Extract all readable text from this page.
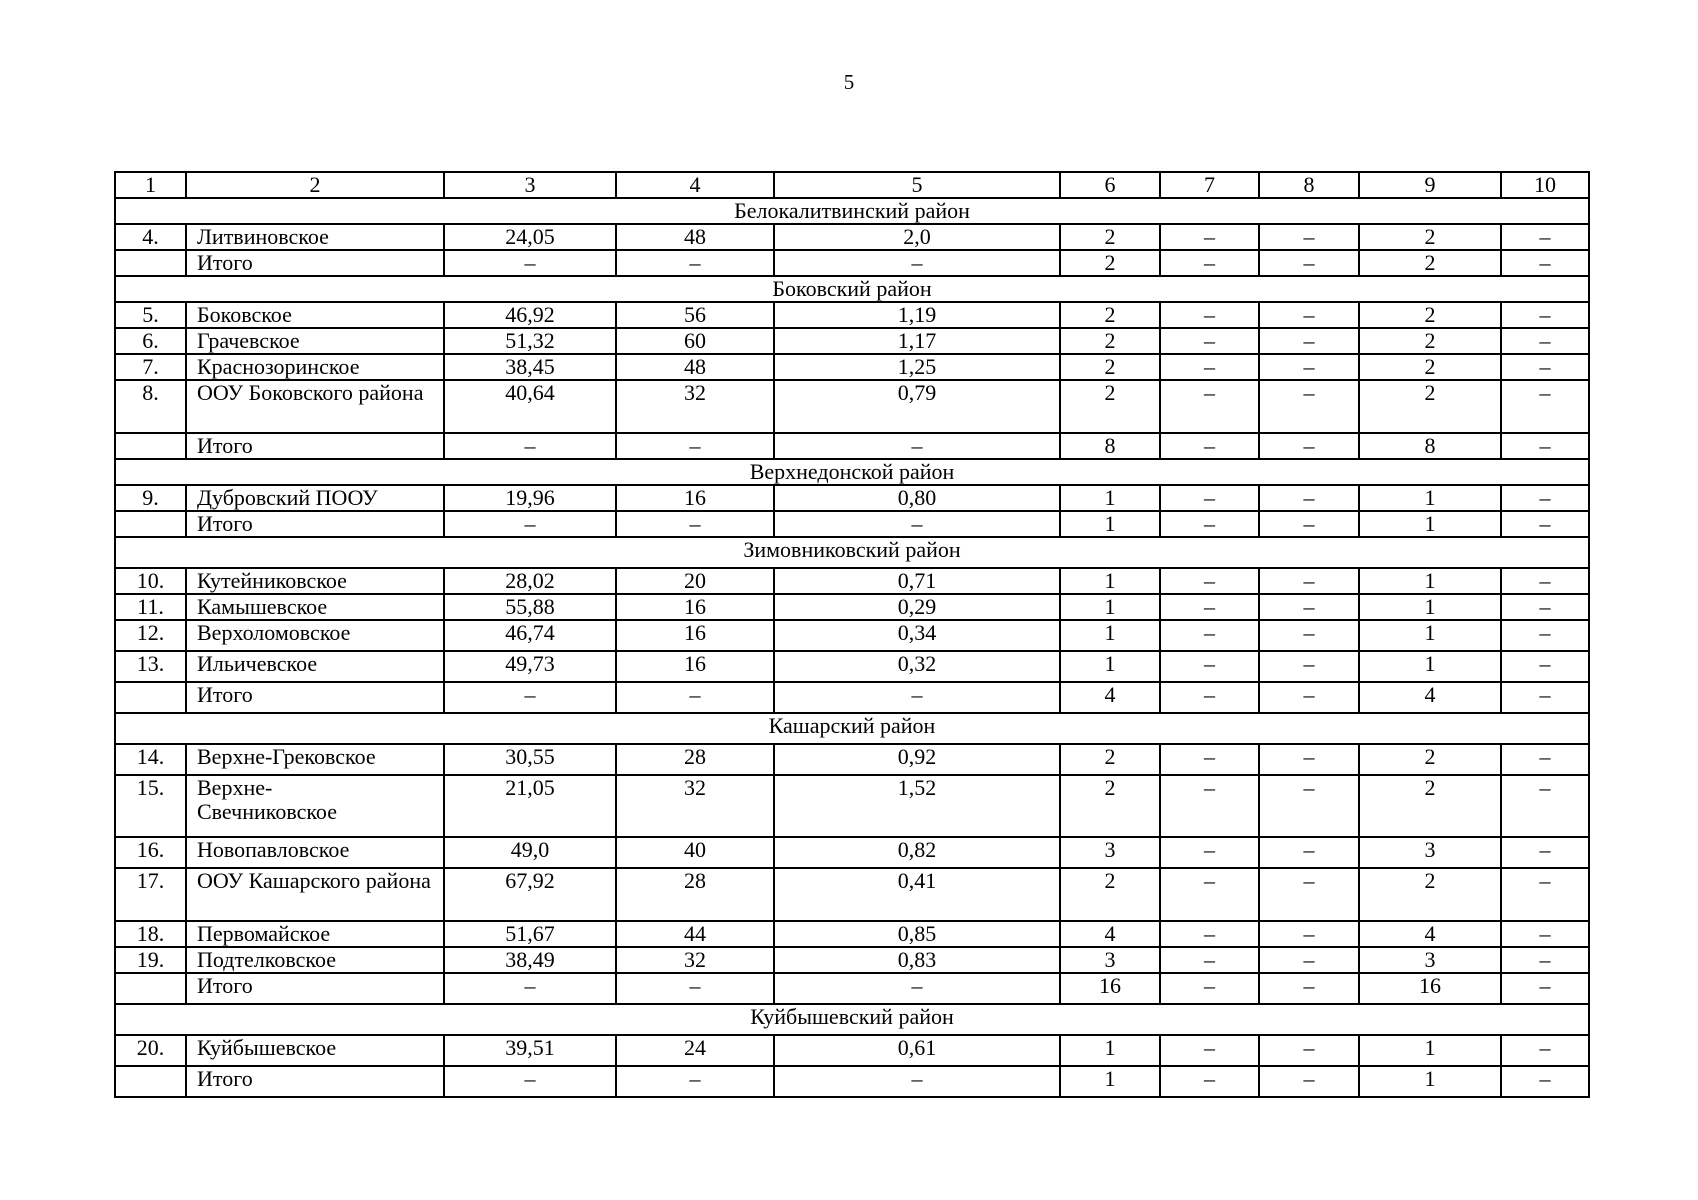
5
1	2	3	4	5	6	7	8	9	10
Белокалитвинский район									
4.	Литвиновское	24,05	48	2,0	2	–	–	2	–
	Итого	–	–	–	2	–	–	2	–
Боковский район									
5.	Боковское	46,92	56	1,19	2	–	–	2	–
6.	Грачевское	51,32	60	1,17	2	–	–	2	–
7.	Краснозоринское	38,45	48	1,25	2	–	–	2	–
8.	ООУ Боковского района	40,64	32	0,79	2	–	–	2	–
	Итого	–	–	–	8	–	–	8	–
Верхнедонской район									
9.	Дубровский ПООУ	19,96	16	0,80	1	–	–	1	–
	Итого	–	–	–	1	–	–	1	–
Зимовниковский район									
10.	Кутейниковское	28,02	20	0,71	1	–	–	1	–
11.	Камышевское	55,88	16	0,29	1	–	–	1	–
12.	Верхоломовское	46,74	16	0,34	1	–	–	1	–
13.	Ильичевское	49,73	16	0,32	1	–	–	1	–
	Итого	–	–	–	4	–	–	4	–
Кашарский район									
14.	Верхне-Грековское	30,55	28	0,92	2	–	–	2	–
15.	Верхне-
Свечниковское	21,05	32	1,52	2	–	–	2	–
16.	Новопавловское	49,0	40	0,82	3	–	–	3	–
17.	ООУ Кашарского района	67,92	28	0,41	2	–	–	2	–
18.	Первомайское	51,67	44	0,85	4	–	–	4	–
19.	Подтелковское	38,49	32	0,83	3	–	–	3	–
	Итого	–	–	–	16	–	–	16	–
Куйбышевский район									
20.	Куйбышевское	39,51	24	0,61	1	–	–	1	–
	Итого	–	–	–	1	–	–	1	–
